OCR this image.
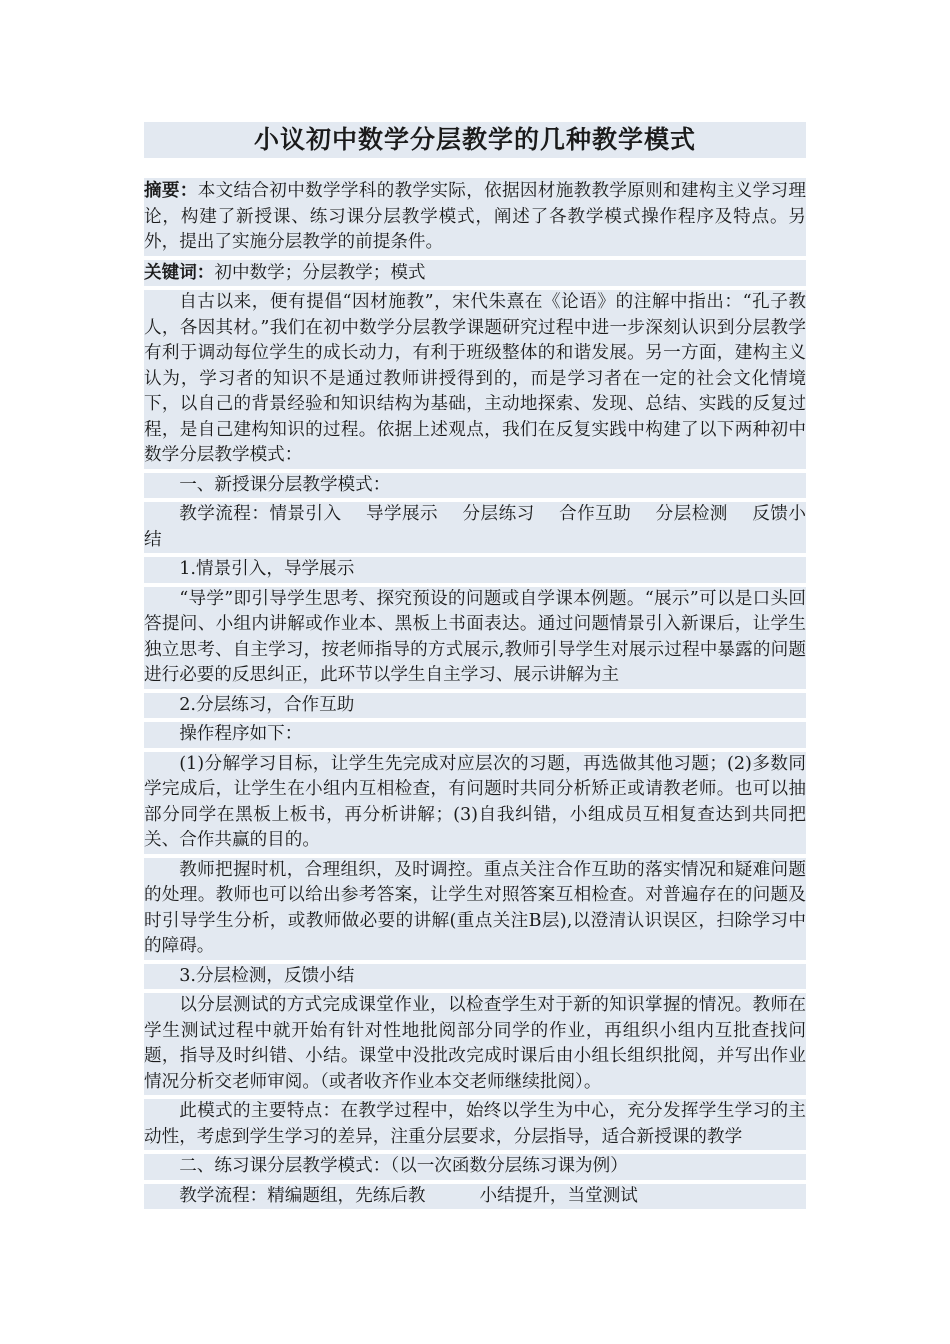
小议初中数学分层教学的几种教学模式

摘要：本文结合初中数学学科的教学实际，依据因材施教教学原则和建构主义学习理论，构建了新授课、练习课分层教学模式，阐述了各教学模式操作程序及特点。另外，提出了实施分层教学的前提条件。

关键词：初中数学；分层教学；模式

自古以来，便有提倡“因材施教”，宋代朱熹在《论语》的注解中指出：“孔子教人，各因其材。”我们在初中数学分层教学课题研究过程中进一步深刻认识到分层教学有利于调动每位学生的成长动力，有利于班级整体的和谐发展。另一方面，建构主义认为，学习者的知识不是通过教师讲授得到的，而是学习者在一定的社会文化情境下，以自己的背景经验和知识结构为基础，主动地探索、发现、总结、实践的反复过程，是自己建构知识的过程。依据上述观点，我们在反复实践中构建了以下两种初中数学分层教学模式：

一、新授课分层教学模式：

教学流程：情景引入 导学展示 分层练习 合作互助 分层检测 反馈小结

1.情景引入，导学展示

“导学”即引导学生思考、探究预设的问题或自学课本例题。“展示”可以是口头回答提问、小组内讲解或作业本、黑板上书面表达。通过问题情景引入新课后，让学生独立思考、自主学习，按老师指导的方式展示,教师引导学生对展示过程中暴露的问题进行必要的反思纠正，此环节以学生自主学习、展示讲解为主

2.分层练习，合作互助

操作程序如下：

(1)分解学习目标，让学生先完成对应层次的习题，再选做其他习题；(2)多数同学完成后，让学生在小组内互相检查，有问题时共同分析矫正或请教老师。也可以抽部分同学在黑板上板书，再分析讲解；(3)自我纠错，小组成员互相复查达到共同把关、合作共赢的目的。

教师把握时机，合理组织，及时调控。重点关注合作互助的落实情况和疑难问题的处理。教师也可以给出参考答案，让学生对照答案互相检查。对普遍存在的问题及时引导学生分析，或教师做必要的讲解(重点关注B层),以澄清认识误区，扫除学习中的障碍。

3.分层检测，反馈小结

以分层测试的方式完成课堂作业，以检查学生对于新的知识掌握的情况。教师在学生测试过程中就开始有针对性地批阅部分同学的作业，再组织小组内互批查找问题，指导及时纠错、小结。课堂中没批改完成时课后由小组长组织批阅，并写出作业情况分析交老师审阅。（或者收齐作业本交老师继续批阅）。

此模式的主要特点：在教学过程中，始终以学生为中心，充分发挥学生学习的主动性，考虑到学生学习的差异，注重分层要求，分层指导，适合新授课的教学

二、练习课分层教学模式：（以一次函数分层练习课为例）

教学流程：精编题组，先练后教	小结提升，当堂测试
